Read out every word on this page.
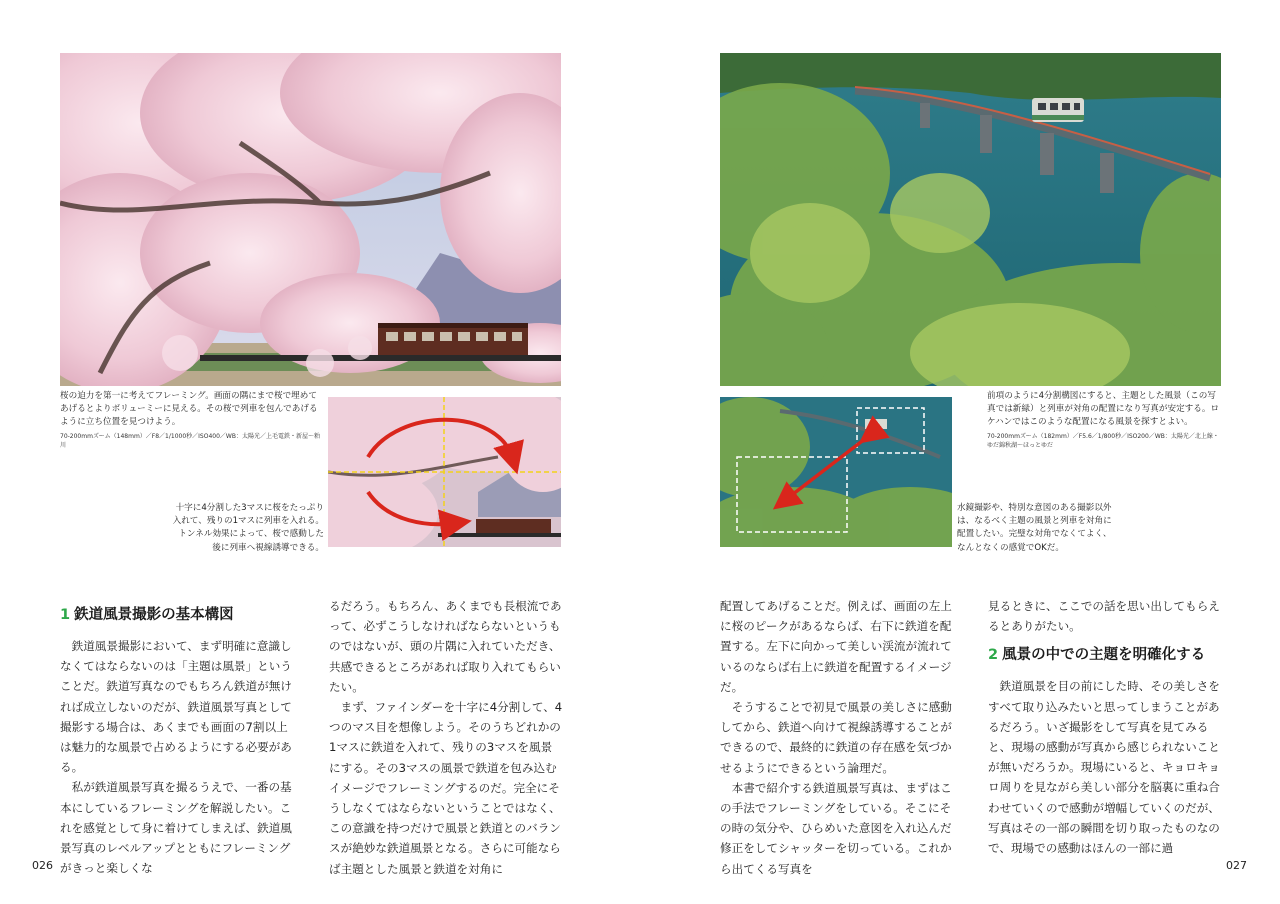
桜の迫力を第一に考えてフレーミング。画面の隅にまで桜で埋めてあげるとよりボリューミーに見える。その桜で列車を包んであげるように立ち位置を見つけよう。
70-200mmズーム（148mm）／F8／1/1000秒／ISO400／WB：太陽光／上毛電鉄・新屋〜粕川
十字に4分割した3マスに桜をたっぷり入れて、残りの1マスに列車を入れる。トンネル効果によって、桜で感動した後に列車へ視線誘導できる。
1 鉄道風景撮影の基本構図

鉄道風景撮影において、まず明確に意識しなくてはならないのは「主題は風景」ということだ。鉄道写真なのでもちろん鉄道が無ければ成立しないのだが、鉄道風景写真として撮影する場合は、あくまでも画面の7割以上は魅力的な風景で占めるようにする必要がある。

私が鉄道風景写真を撮るうえで、一番の基本にしているフレーミングを解説したい。これを感覚として身に着けてしまえば、鉄道風景写真のレベルアップとともにフレーミングがきっと楽しくな

るだろう。もちろん、あくまでも長根流であって、必ずこうしなければならないというものではないが、頭の片隅に入れていただき、共感できるところがあれば取り入れてもらいたい。

まず、ファインダーを十字に4分割して、4つのマス目を想像しよう。そのうちどれかの1マスに鉄道を入れて、残りの3マスを風景にする。その3マスの風景で鉄道を包み込むイメージでフレーミングするのだ。完全にそうしなくてはならないということではなく、この意識を持つだけで風景と鉄道とのバランスが絶妙な鉄道風景となる。さらに可能ならば主題とした風景と鉄道を対角に

026
前項のように4分割構図にすると、主題とした風景（この写真では新緑）と列車が対角の配置になり写真が安定する。ロケハンではこのような配置になる風景を探すとよい。
70-200mmズーム（182mm）／F5.6／1/800秒／ISO200／WB：太陽光／北上線・ゆだ錦秋湖〜ほっとゆだ
水鏡撮影や、特別な意図のある撮影以外は、なるべく主題の風景と列車を対角に配置したい。完璧な対角でなくてよく、なんとなくの感覚でOKだ。

配置してあげることだ。例えば、画面の左上に桜のピークがあるならば、右下に鉄道を配置する。左下に向かって美しい渓流が流れているのならば右上に鉄道を配置するイメージだ。

そうすることで初見で風景の美しさに感動してから、鉄道へ向けて視線誘導することができるので、最終的に鉄道の存在感を気づかせるようにできるという論理だ。

本書で紹介する鉄道風景写真は、まずはこの手法でフレーミングをしている。そこにその時の気分や、ひらめいた意図を入れ込んだ修正をしてシャッターを切っている。これから出てくる写真を

見るときに、ここでの話を思い出してもらえるとありがたい。

2 風景の中での主題を明確化する

鉄道風景を目の前にした時、その美しさをすべて取り込みたいと思ってしまうことがあるだろう。いざ撮影をして写真を見てみると、現場の感動が写真から感じられないことが無いだろうか。現場にいると、キョロキョロ周りを見ながら美しい部分を脳裏に重ね合わせていくので感動が増幅していくのだが、写真はその一部の瞬間を切り取ったものなので、現場での感動はほんの一部に過

027
